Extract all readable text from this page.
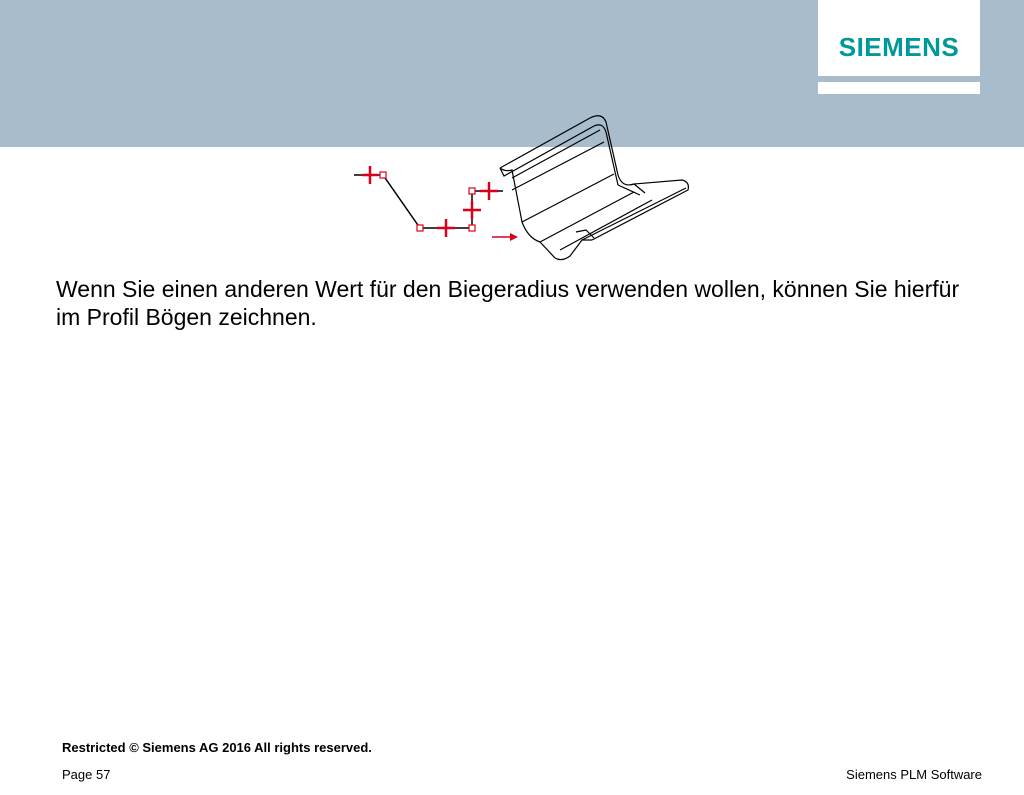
SIEMENS
Wenn Sie einen anderen Wert für den Biegeradius verwenden wollen, können Sie hierfür im Profil Bögen zeichnen.
Restricted © Siemens AG 2016 All rights reserved.
Page 57	Siemens PLM Software
